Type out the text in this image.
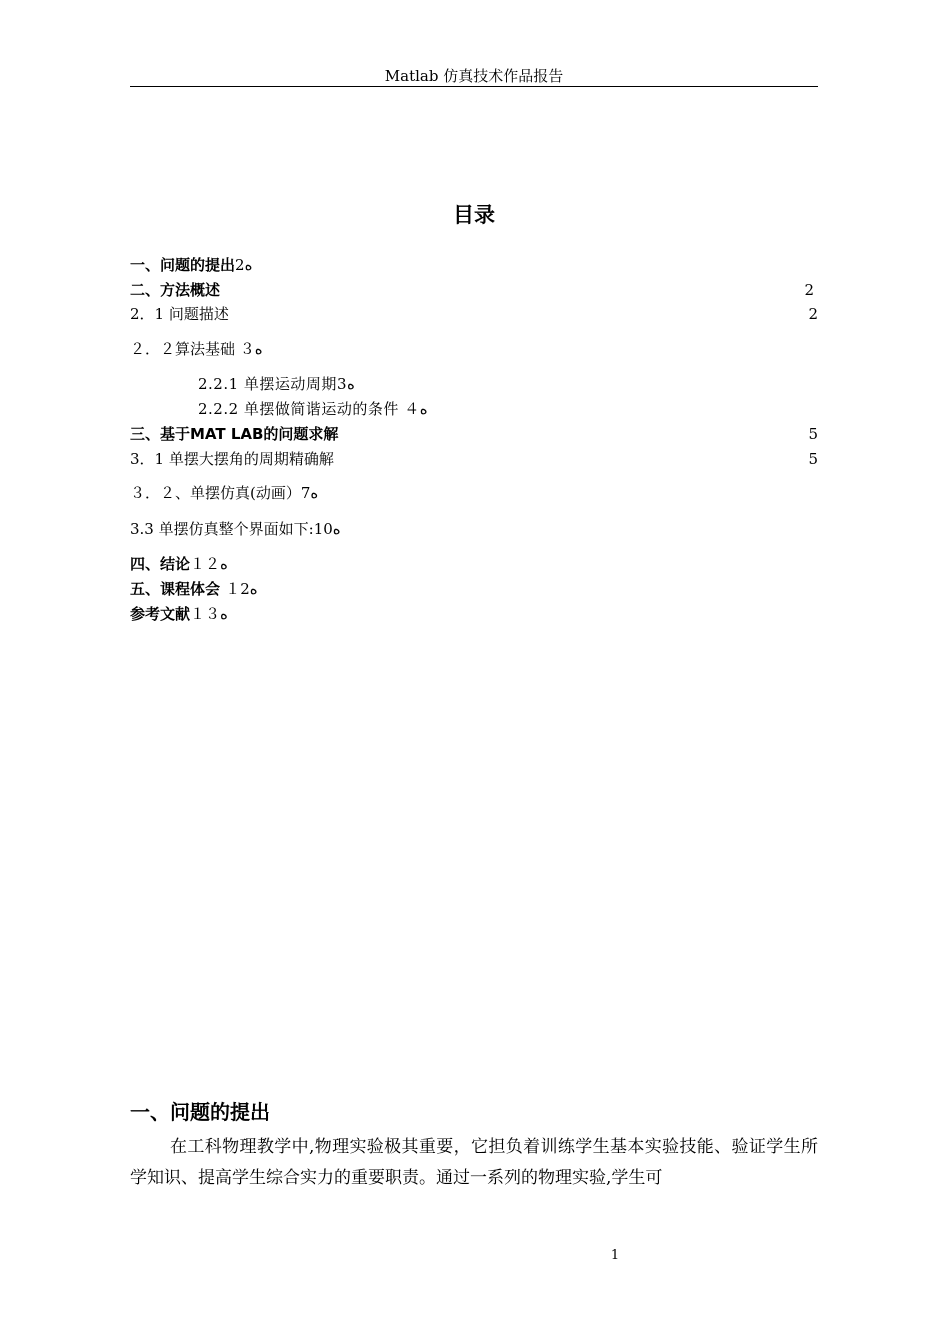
Matlab 仿真技术作品报告
目录
一、问题的提出2ە
二、方法概述	2
2．1 问题描述	2
２．２算法基础 ３ە
2.2.1 单摆运动周期3ە
2.2.2 单摆做简谐运动的条件 ４ە
三、基于MAT LAB的问题求解	5
3．1 单摆大摆角的周期精确解	5
３．２、单摆仿真(动画）7ە
3.3 单摆仿真整个界面如下:10ە
四、结论１２ە
五、课程体会 １2ە
参考文献１３ە
一、问题的提出
在工科物理教学中,物理实验极其重要，它担负着训练学生基本实验技能、验证学生所学知识、提高学生综合实力的重要职责。通过一系列的物理实验,学生可
1
